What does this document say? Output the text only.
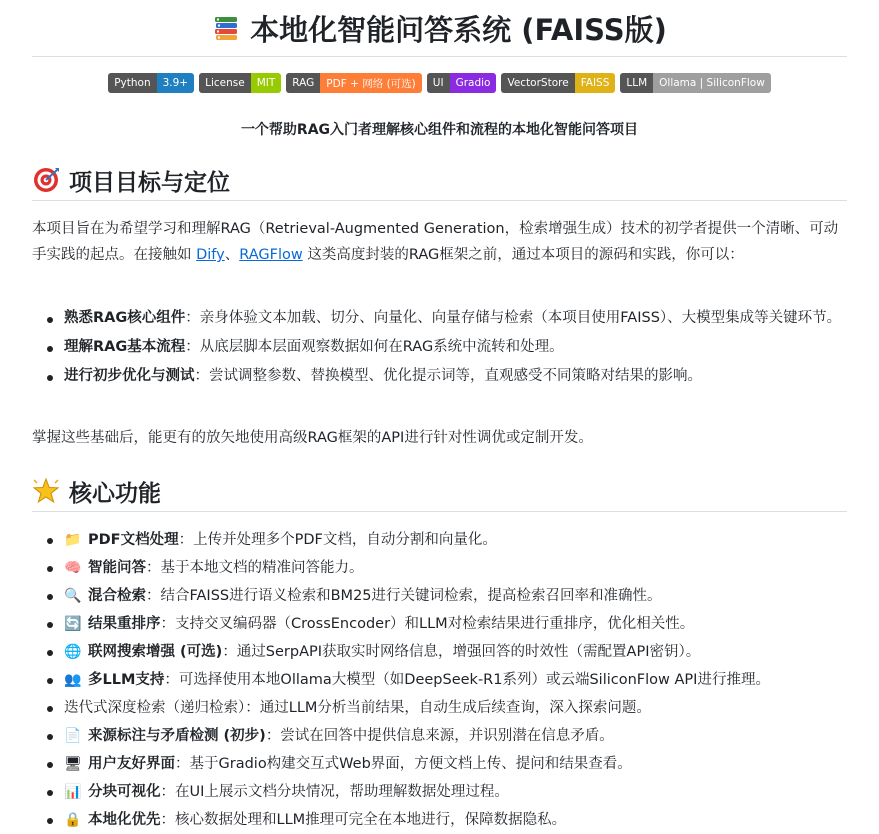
本地化智能问答系统 (FAISS版)
Python	3.9+	License	MIT	RAG	PDF + 网络 (可选)	UI	Gradio	VectorStore	FAISS	LLM	Ollama | SiliconFlow
一个帮助RAG入门者理解核心组件和流程的本地化智能问答项目
项目目标与定位

本项目旨在为希望学习和理解RAG（Retrieval-Augmented Generation，检索增强生成）技术的初学者提供一个清晰、可动手实践的起点。在接触如 Dify、RAGFlow 这类高度封装的RAG框架之前，通过本项目的源码和实践，你可以：

熟悉RAG核心组件：亲身体验文本加载、切分、向量化、向量存储与检索（本项目使用FAISS）、大模型集成等关键环节。
理解RAG基本流程：从底层脚本层面观察数据如何在RAG系统中流转和处理。
进行初步优化与测试：尝试调整参数、替换模型、优化提示词等，直观感受不同策略对结果的影响。

掌握这些基础后，能更有的放矢地使用高级RAG框架的API进行针对性调优或定制开发。

核心功能
📁 PDF文档处理：上传并处理多个PDF文档，自动分割和向量化。
🧠 智能问答：基于本地文档的精准问答能力。
🔍 混合检索：结合FAISS进行语义检索和BM25进行关键词检索，提高检索召回率和准确性。
🔄 结果重排序：支持交叉编码器（CrossEncoder）和LLM对检索结果进行重排序，优化相关性。
🌐 联网搜索增强 (可选)：通过SerpAPI获取实时网络信息，增强回答的时效性（需配置API密钥）。
👥 多LLM支持：可选择使用本地Ollama大模型（如DeepSeek-R1系列）或云端SiliconFlow API进行推理。
迭代式深度检索（递归检索）：通过LLM分析当前结果，自动生成后续查询，深入探索问题。
📄 来源标注与矛盾检测 (初步)：尝试在回答中提供信息来源，并识别潜在信息矛盾。
🖥 用户友好界面：基于Gradio构建交互式Web界面，方便文档上传、提问和结果查看。
📊 分块可视化：在UI上展示文档分块情况，帮助理解数据处理过程。
🔒 本地化优先：核心数据处理和LLM推理可完全在本地进行，保障数据隐私。
